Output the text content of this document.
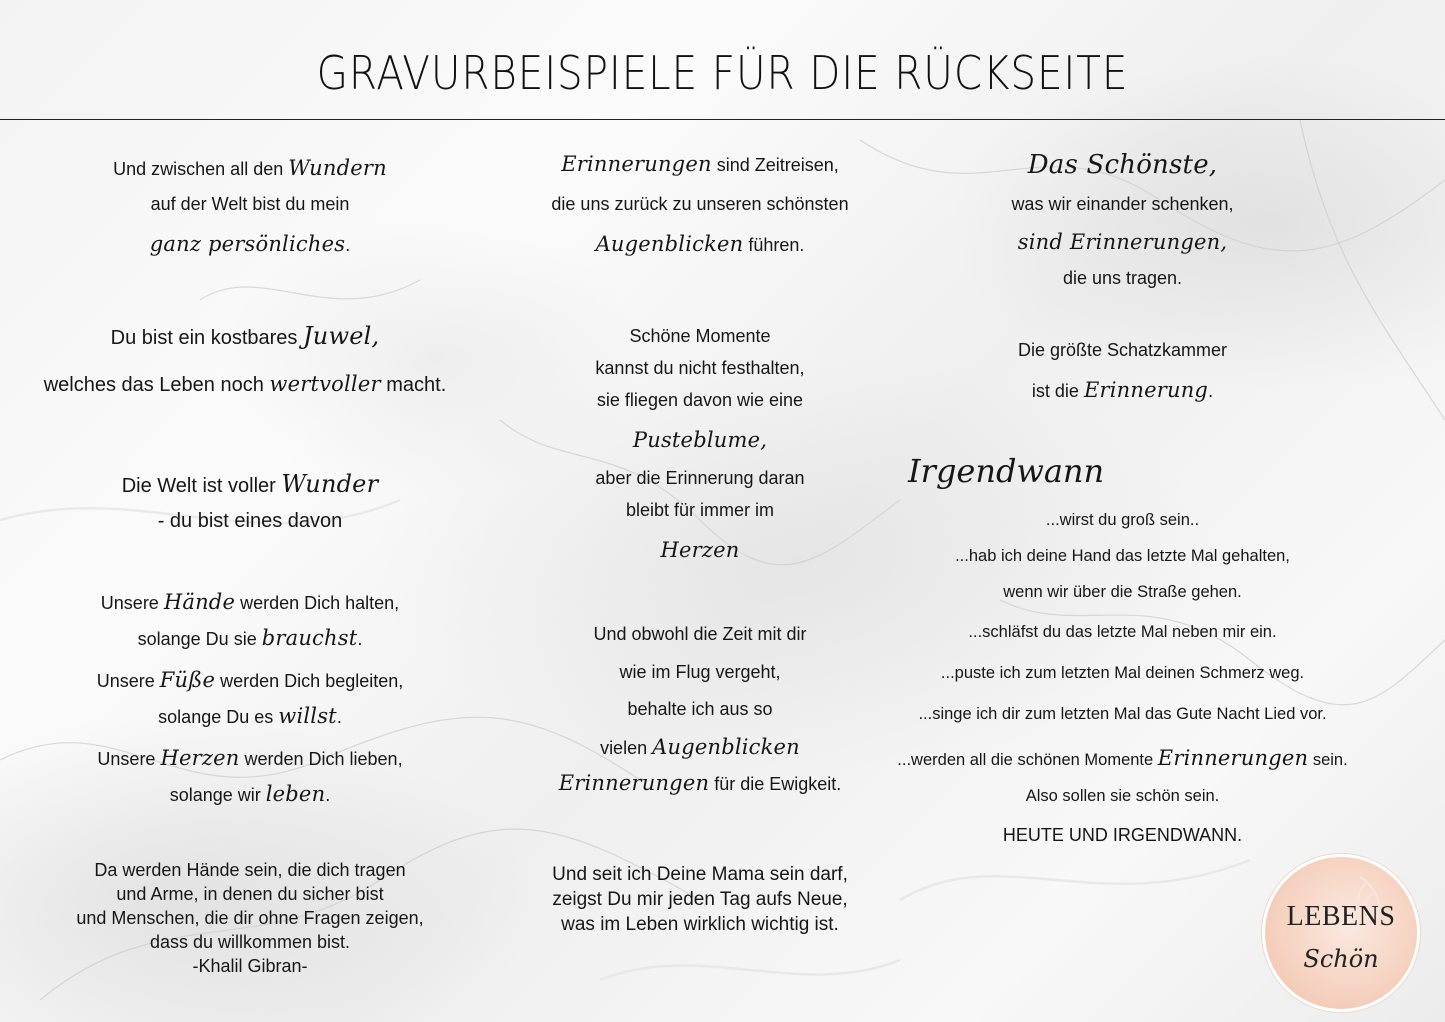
GRAVURBEISPIELE FÜR DIE RÜCKSEITE
Und zwischen all den Wundern
auf der Welt bist du mein
ganz persönliches.
Du bist ein kostbares Juwel,
welches das Leben noch wertvoller macht.
Die Welt ist voller Wunder
- du bist eines davon
Unsere Hände werden Dich halten,
solange Du sie brauchst.
Unsere Füße werden Dich begleiten,
solange Du es willst.
Unsere Herzen werden Dich lieben,
solange wir leben.
Da werden Hände sein, die dich tragen
und Arme, in denen du sicher bist
und Menschen, die dir ohne Fragen zeigen,
dass du willkommen bist.
-Khalil Gibran-
Erinnerungen sind Zeitreisen,
die uns zurück zu unseren schönsten
Augenblicken führen.
Schöne Momente
kannst du nicht festhalten,
sie fliegen davon wie eine
Pusteblume,
aber die Erinnerung daran
bleibt für immer im
Herzen
Und obwohl die Zeit mit dir
wie im Flug vergeht,
behalte ich aus so
vielen Augenblicken
Erinnerungen für die Ewigkeit.
Und seit ich Deine Mama sein darf,
zeigst Du mir jeden Tag aufs Neue,
was im Leben wirklich wichtig ist.
Das Schönste,
was wir einander schenken,
sind Erinnerungen,
die uns tragen.
Die größte Schatzkammer
ist die Erinnerung.
Irgendwann
...wirst du groß sein..
...hab ich deine Hand das letzte Mal gehalten,
wenn wir über die Straße gehen.
...schläfst du das letzte Mal neben mir ein.
...puste ich zum letzten Mal deinen Schmerz weg.
...singe ich dir zum letzten Mal das Gute Nacht Lied vor.
...werden all die schönen Momente Erinnerungen sein.
Also sollen sie schön sein.
HEUTE UND IRGENDWANN.
LEBENS
Schön
